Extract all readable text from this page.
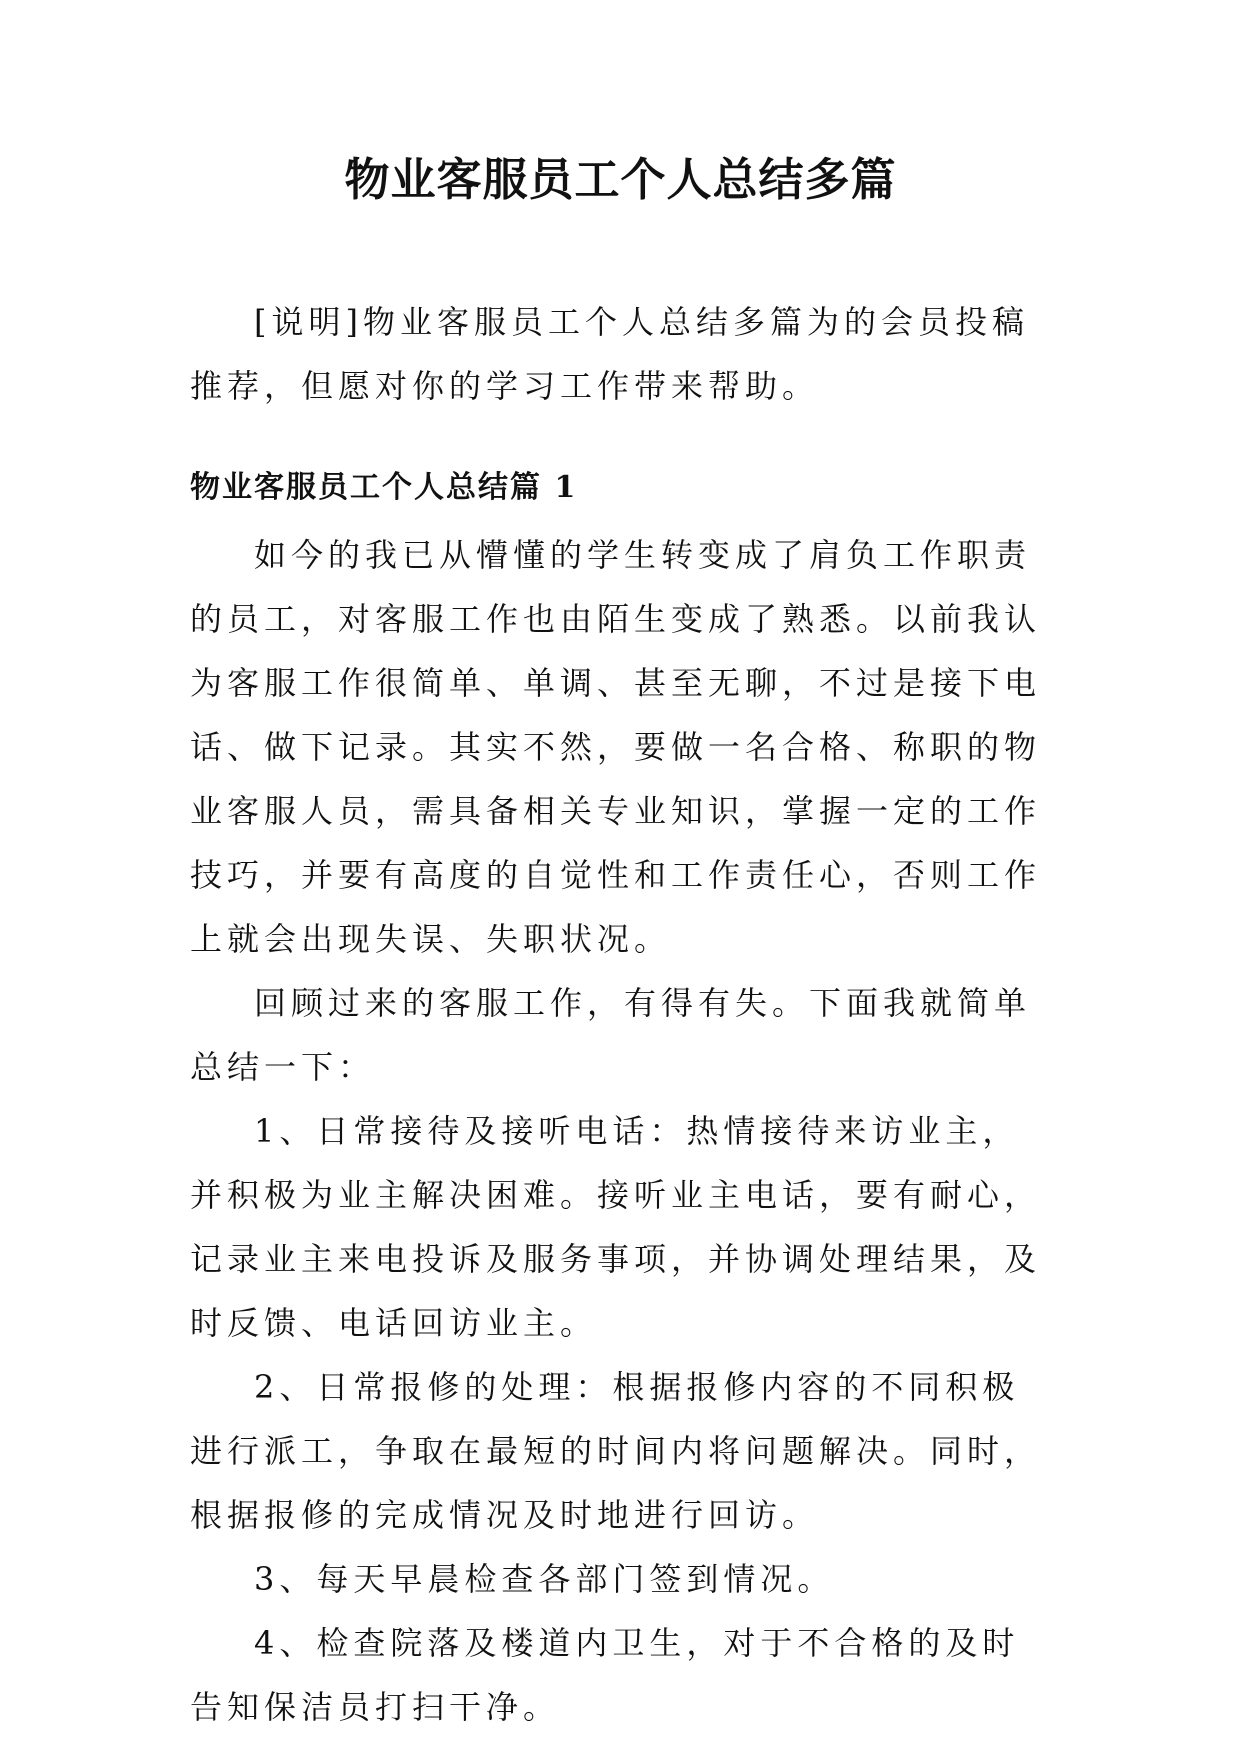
物业客服员工个人总结多篇

[说明]物业客服员工个人总结多篇为的会员投稿推荐，但愿对你的学习工作带来帮助。

物业客服员工个人总结篇 1

如今的我已从懵懂的学生转变成了肩负工作职责的员工，对客服工作也由陌生变成了熟悉。以前我认为客服工作很简单、单调、甚至无聊，不过是接下电话、做下记录。其实不然，要做一名合格、称职的物业客服人员，需具备相关专业知识，掌握一定的工作技巧，并要有高度的自觉性和工作责任心，否则工作上就会出现失误、失职状况。

回顾过来的客服工作，有得有失。下面我就简单总结一下：

1、日常接待及接听电话：热情接待来访业主，并积极为业主解决困难。接听业主电话，要有耐心，记录业主来电投诉及服务事项，并协调处理结果，及时反馈、电话回访业主。

2、日常报修的处理：根据报修内容的不同积极进行派工，争取在最短的时间内将问题解决。同时，根据报修的完成情况及时地进行回访。

3、每天早晨检查各部门签到情况。

4、检查院落及楼道内卫生，对于不合格的及时告知保洁员打扫干净。
